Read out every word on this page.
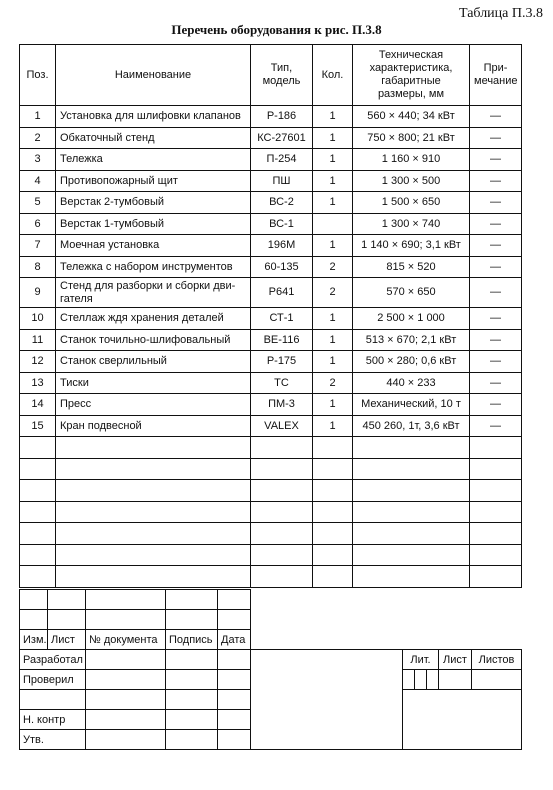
Таблица П.3.8
Перечень оборудования к рис. П.3.8
Поз.	Наименование	Тип, модель	Кол.	Техническая характеристика, габаритные размеры, мм	При-мечание
1	Установка для шлифовки клапанов	Р-186	1	560 × 440; 34 кВт	—
2	Обкаточный стенд	КС-27601	1	750 × 800; 21 кВт	—
3	Тележка	П-254	1	1 160 × 910	—
4	Противопожарный щит	ПШ	1	1 300 × 500	—
5	Верстак 2-тумбовый	ВС-2	1	1 500 × 650	—
6	Верстак 1-тумбовый	ВС-1		1 300 × 740	—
7	Моечная установка	196М	1	1 140 × 690; 3,1 кВт	—
8	Тележка с набором инструментов	60-135	2	815 × 520	—
9	Стенд для разборки и сборки дви-гателя	Р641	2	570 × 650	—
10	Стеллаж ждя хранения деталей	СТ-1	1	2 500 × 1 000	—
11	Станок точильно-шлифовальный	ВЕ-116	1	513 × 670; 2,1 кВт	—
12	Станок сверлильный	Р-175	1	500 × 280; 0,6 кВт	—
13	Тиски	ТС	2	440 × 233	—
14	Пресс	ПМ-3	1	Механический, 10 т	—
15	Кран подвесной	VALEX	1	450 260, 1т, 3,6 кВт	—

Изм.	Лист	№ документа	Подпись	Дата						
Разработал						Лит.			Лист	Листов
Проверил										

Н. контр										
Утв.										
